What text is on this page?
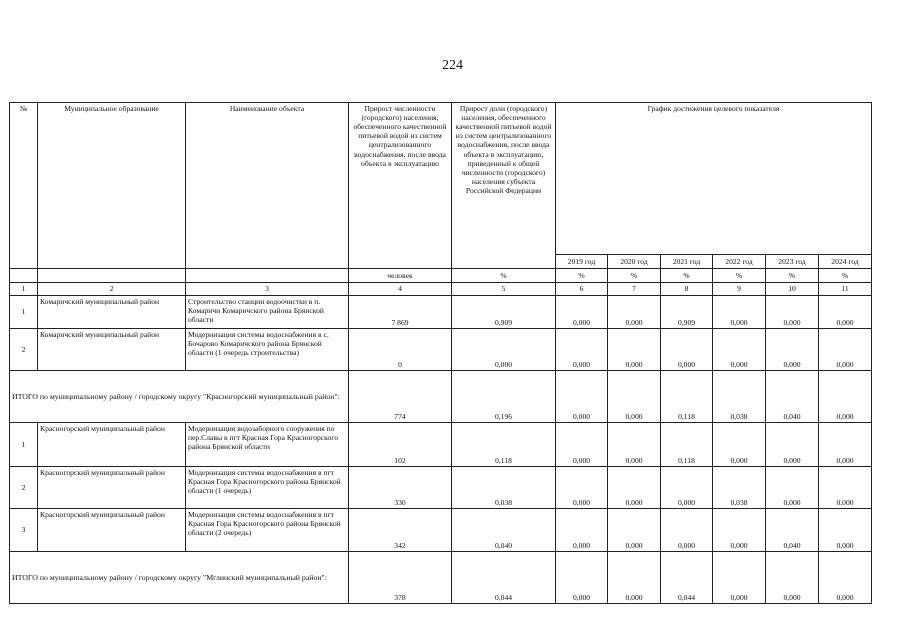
224
№	Муниципальное образование	Наименование объекта	Прирост численности (городского) населения, обеспеченного качественной питьевой водой из систем централизованного водоснабжения, после ввода объекта в эксплуатацию	Прирост доли (городского) населения, обеспеченного качественной питьевой водой из систем централизованного водоснабжения, после ввода объекта в эксплуатацию, приведенный к общей численности (городского) населения субъекта Российской Федерации	График достижения целевого показателя					
					2019 год	2020 год	2021 год	2022 год	2023 год	2024 год
			человек	%	%	%	%	%	%	%
1	2	3	4	5	6	7	8	9	10	11
1	Комаричский муниципальный район	Строительство станции водоочистки в п. Комаричи Комаричского района Брянской области	7 869	0,909	0,000	0,000	0,909	0,000	0,000	0,000
2	Комаричский муниципальный район	Модернизация системы водоснабжения в с. Бочарово Комаричского района Брянской области (1 очередь строительства)	0	0,000	0,000	0,000	0,000	0,000	0,000	0,000
ИТОГО по муниципальному району / городскому округу "Красногорский муниципальный район":			774	0,196	0,000	0,000	0,118	0,038	0,040	0,000
1	Красногорский муниципальный район	Модернизация водозаборного сооружения по пер.Славы в пгт Красная Гора Красногорского района Брянской области	102	0,118	0,000	0,000	0,118	0,000	0,000	0,000
2	Красногорский муниципальный район	Модернизация системы водоснабжения в пгт Красная Гора Красногорского района Брянской области (1 очередь)	330	0,038	0,000	0,000	0,000	0,038	0,000	0,000
3	Красногорский муниципальный район	Модернизация системы водоснабжения в пгт Красная Гора Красногорского района Брянской области (2 очередь)	342	0,040	0,000	0,000	0,000	0,000	0,040	0,000
ИТОГО по муниципальному району / городскому округу "Мглинский муниципальный район":			378	0,044	0,000	0,000	0,044	0,000	0,000	0,000
